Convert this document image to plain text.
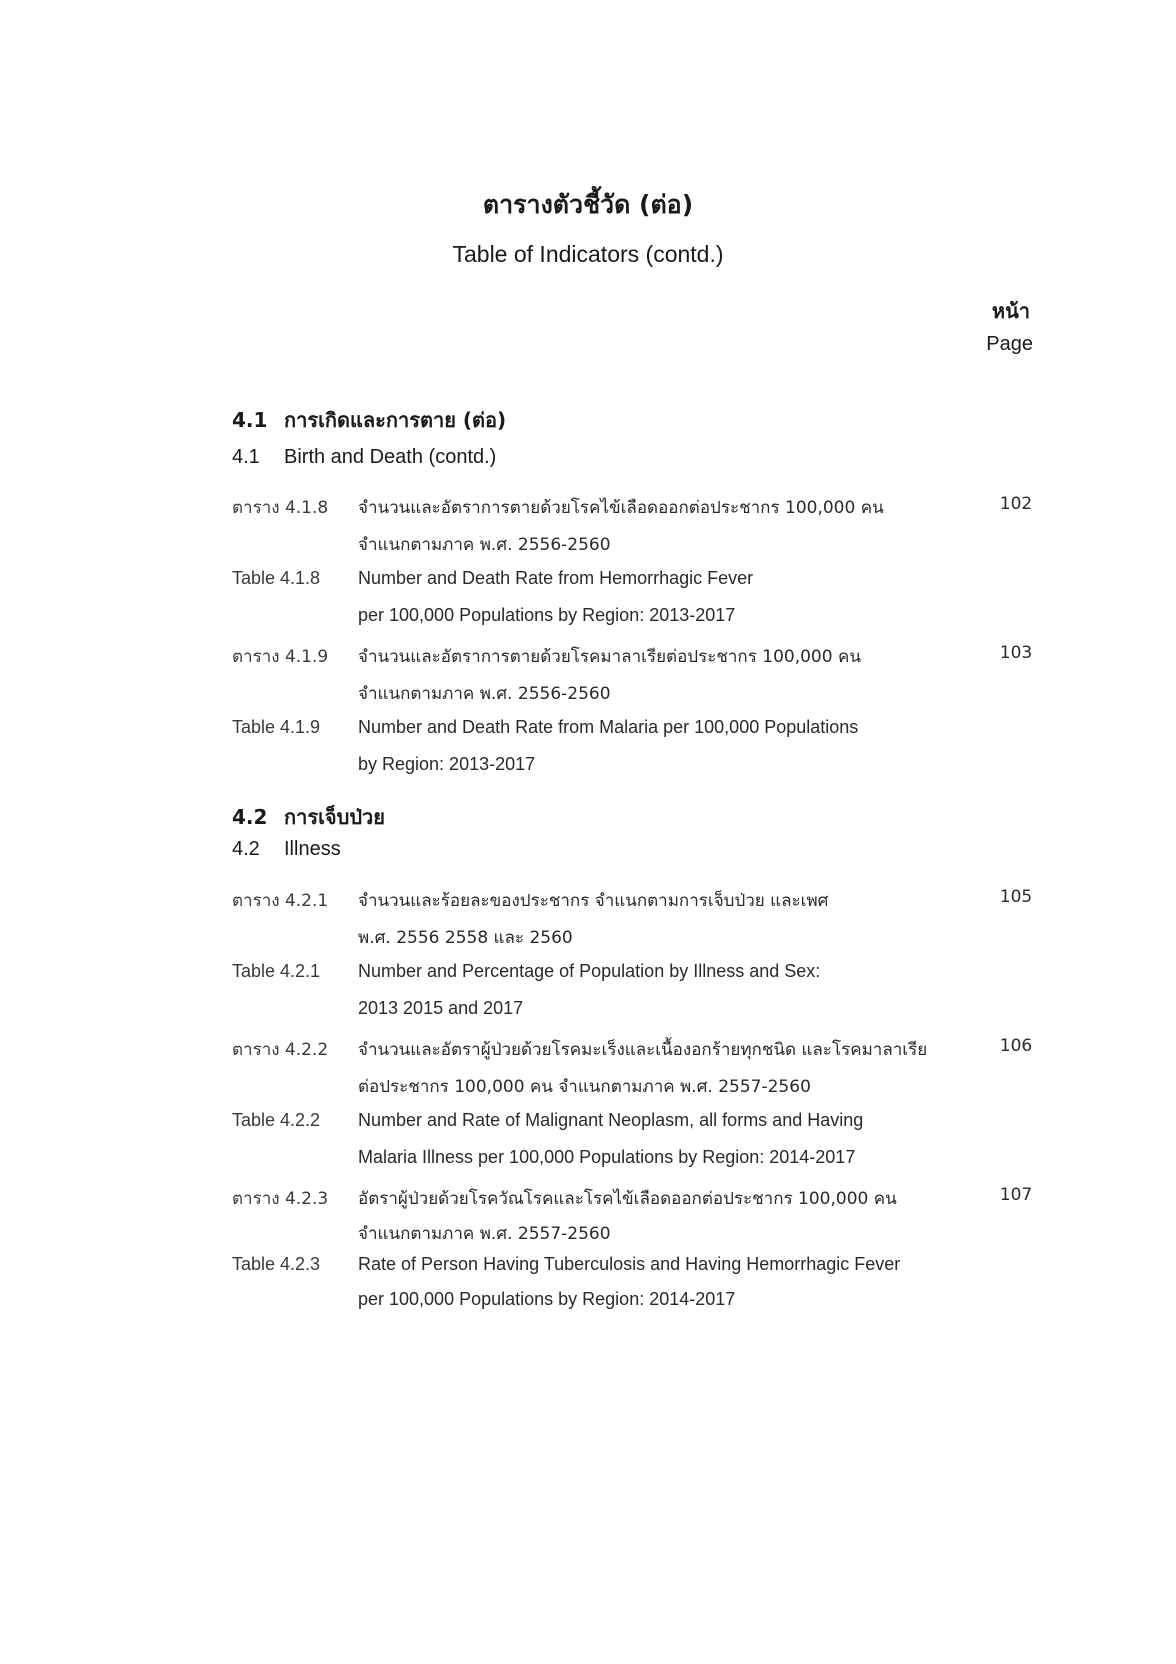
ตารางตัวชี้วัด (ต่อ)
Table of Indicators (contd.)
หน้า
Page
4.1 การเกิดและการตาย (ต่อ)
4.1 Birth and Death (contd.)
ตาราง 4.1.8 จำนวนและอัตราการตายด้วยโรคไข้เลือดออกต่อประชากร 100,000 คน	102
จำแนกตามภาค พ.ศ. 2556-2560
Table 4.1.8 Number and Death Rate from Hemorrhagic Fever
per 100,000 Populations by Region: 2013-2017
ตาราง 4.1.9 จำนวนและอัตราการตายด้วยโรคมาลาเรียต่อประชากร 100,000 คน	103
จำแนกตามภาค พ.ศ. 2556-2560
Table 4.1.9 Number and Death Rate from Malaria per 100,000 Populations
by Region: 2013-2017
4.2 การเจ็บป่วย
4.2 Illness
ตาราง 4.2.1 จำนวนและร้อยละของประชากร จำแนกตามการเจ็บป่วย และเพศ	105
พ.ศ. 2556 2558 และ 2560
Table 4.2.1 Number and Percentage of Population by Illness and Sex:
2013 2015 and 2017
ตาราง 4.2.2 จำนวนและอัตราผู้ป่วยด้วยโรคมะเร็งและเนื้องอกร้ายทุกชนิด และโรคมาลาเรีย	106
ต่อประชากร 100,000 คน จำแนกตามภาค พ.ศ. 2557-2560
Table 4.2.2 Number and Rate of Malignant Neoplasm, all forms and Having
Malaria Illness per 100,000 Populations by Region: 2014-2017
ตาราง 4.2.3 อัตราผู้ป่วยด้วยโรควัณโรคและโรคไข้เลือดออกต่อประชากร 100,000 คน	107
จำแนกตามภาค พ.ศ. 2557-2560
Table 4.2.3 Rate of Person Having Tuberculosis and Having Hemorrhagic Fever
per 100,000 Populations by Region: 2014-2017
